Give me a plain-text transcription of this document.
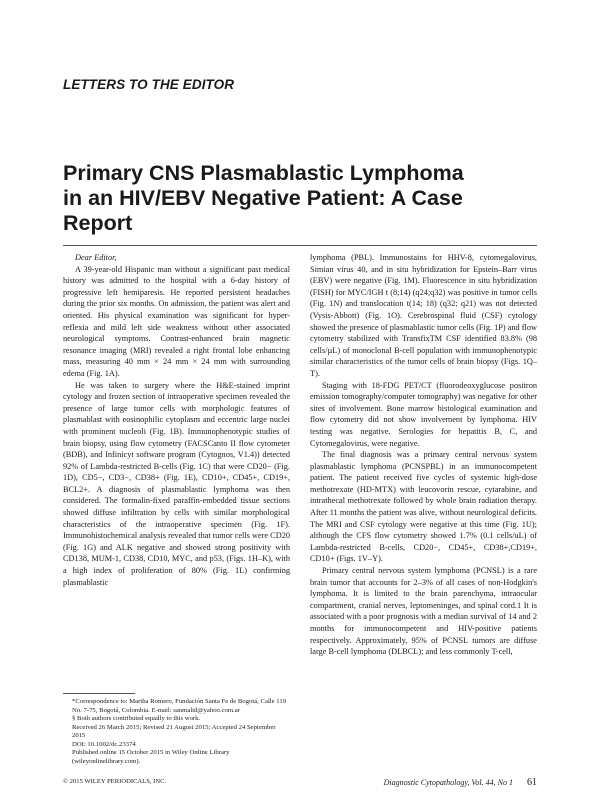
LETTERS TO THE EDITOR
Primary CNS Plasmablastic Lymphoma in an HIV/EBV Negative Patient: A Case Report

Dear Editor,

A 39-year-old Hispanic man without a significant past medical history was admitted to the hospital with a 6-day history of progressive left hemiparesis. He reported persistent headaches during the prior six months. On admission, the patient was alert and oriented. His physical examination was significant for hyper-reflexia and mild left side weakness without other associated neurological symptoms. Contrast-enhanced brain magnetic resonance imaging (MRI) revealed a right frontal lobe enhancing mass, measuring 40 mm × 24 mm × 24 mm with surrounding edema (Fig. 1A).

He was taken to surgery where the H&E-stained imprint cytology and frozen section of intraoperative specimen revealed the presence of large tumor cells with morphologic features of plasmablast with eosinophilic cytoplasm and eccentric large nuclei with prominent nucleoli (Fig. 1B). Immunophenotypic studies of brain biopsy, using flow cytometry (FACSCanto II flow cytometer (BDB), and Infinicyt software program (Cytognos, V1.4)) detected 92% of Lambda-restricted B-cells (Fig. 1C) that were CD20− (Fig. 1D), CD5−, CD3−, CD38+ (Fig. 1E), CD10+, CD45+, CD19+, BCL2+. A diagnosis of plasmablastic lymphoma was then considered. The formalin-fixed paraffin-embedded tissue sections showed diffuse infiltration by cells with similar morphological characteristics of the intraoperative specimen (Fig. 1F). Immunohistochemical analysis revealed that tumor cells were CD20 (Fig. 1G) and ALK negative and showed strong positivity with CD138, MUM-1, CD38, CD10, MYC, and p53, (Figs. 1H–K), with a high index of proliferation of 80% (Fig. 1L) confirming plasmablastic

lymphoma (PBL). Immunostains for HHV-8, cytomegalovirus, Simian virus 40, and in situ hybridization for Epstein–Barr virus (EBV) were negative (Fig. 1M). Fluorescence in situ hybridization (FISH) for MYC/IGH t (8;14) (q24;q32) was positive in tumor cells (Fig. 1N) and translocation t(14; 18) (q32; q21) was not detected (Vysis-Abbott) (Fig. 1O). Cerebrospinal fluid (CSF) cytology showed the presence of plasmablastic tumor cells (Fig. 1P) and flow cytometry stabilized with TransfixTM CSF identified 83.8% (98 cells/µL) of monoclonal B-cell population with immunophenotypic similar characteristics of the tumor cells of brain biopsy (Figs. 1Q–T).

Staging with 18-FDG PET/CT (fluorodeoxyglucose positron emission tomography/computer tomography) was negative for other sites of involvement. Bone marrow histological examination and flow cytometry did not show involvement by lymphoma. HIV testing was negative. Serologies for hepatitis B, C, and Cytomegalovirus, were negative.

The final diagnosis was a primary central nervous system plasmablastic lymphoma (PCNSPBL) in an immunocompetent patient. The patient received five cycles of systemic high-dose methotrexate (HD-MTX) with leucovorin rescue, cytarabine, and intrathecal methotrexate followed by whole brain radiation therapy. After 11 months the patient was alive, without neurological deficits. The MRI and CSF cytology were negative at this time (Fig. 1U); although the CFS flow cytometry showed 1.7% (0.1 cells/uL) of Lambda-restricted B-cells, CD20−, CD45+, CD38+,CD19+, CD10+ (Figs. 1V–Y).

Primary central nervous system lymphoma (PCNSL) is a rare brain tumor that accounts for 2–3% of all cases of non-Hodgkin's lymphoma. It is limited to the brain parenchyma, intraocular compartment, cranial nerves, leptomeninges, and spinal cord.1 It is associated with a poor prognosis with a median survival of 14 and 2 months for immunocompetent and HIV-positive patients respectively. Approximately, 95% of PCNSL tumors are diffuse large B-cell lymphoma (DLBCL); and less commonly T-cell,

*Correspondence to: Martha Romero, Fundación Santa Fe de Bogotá, Calle 119 No. 7-75, Bogotá, Colombia. E-mail: sanmalid@yahoo.com.ar

§ Both authors contributed equally to this work.

Received 26 March 2015; Revised 21 August 2015; Accepted 24 September 2015

DOI: 10.1002/dc.23374

Published online 15 October 2015 in Wiley Online Library (wileyonlinelibrary.com).

© 2015 WILEY PERIODICALS, INC.	Diagnostic Cytopathology, Vol. 44, No 1 61
